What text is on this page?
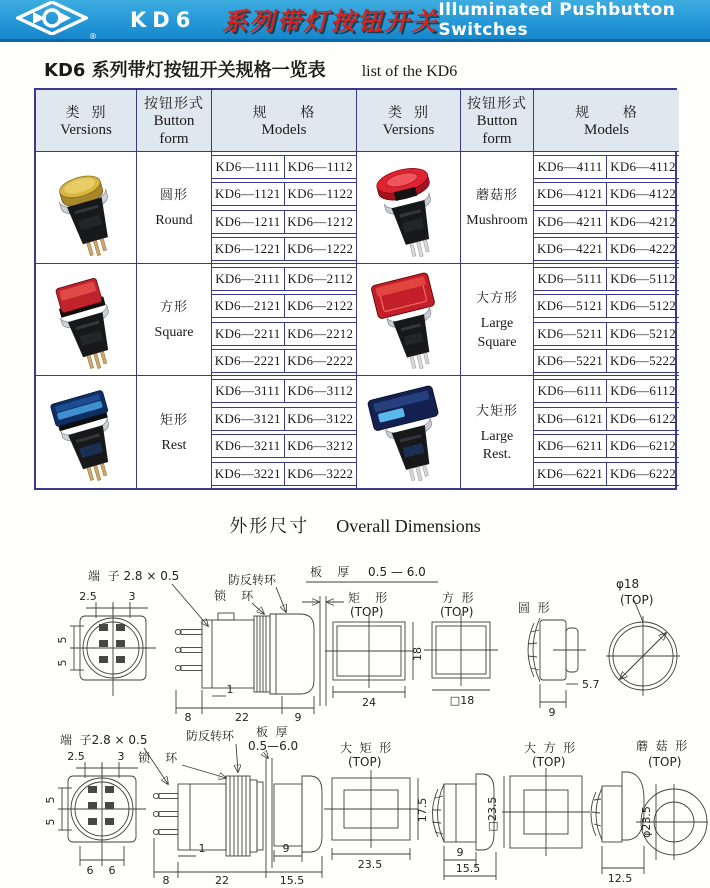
®
KD6 系列带灯按钮开关 Illuminated Pushbutton Switches
KD6 系列带灯按钮开关规格一览表 list of the KD6
类  别
Versions
按钮形式
Button
form
规      格
Models
类  别
Versions
按钮形式
Button
form
规      格
Models
圆形
Round

KD6—1111 KD6—1112
KD6—1121 KD6—1122
KD6—1211 KD6—1212
KD6—1221 KD6—1222
蘑菇形
Mushroom

KD6—4111 KD6—4112
KD6—4121 KD6—4122
KD6—4211 KD6—4212
KD6—4221 KD6—4222
方形
Square

KD6—2111 KD6—2112
KD6—2121 KD6—2122
KD6—2211 KD6—2212
KD6—2221 KD6—2222
大方形
Large
Square
KD6—5111 KD6—5112
KD6—5121 KD6—5122
KD6—5211 KD6—5212
KD6—5221 KD6—5222
矩形
Rest

KD6—3111 KD6—3112
KD6—3121 KD6—3122
KD6—3211 KD6—3212
KD6—3221 KD6—3222
大矩形
Large
Rest.
KD6—6111 KD6—6112
KD6—6121 KD6—6122
KD6—6211 KD6—6212
KD6—6221 KD6—6222
外形尺寸 Overall Dimensions
端  子 2.8 × 0.5
2.5	3
5
5
防反转环
锁    环
8	22	9
1
板    厚 0.5 — 6.0
矩    形
(TOP)
18
24
方  形
(TOP)
□18
圆  形
5.7
9
φ18
(TOP)
端  子2.8 × 0.5
2.5	3
5
5
6 6
防反转环
锁    环
板  厚
0.5—6.0
1	9
8	22	15.5
大  矩  形
(TOP)
17.5
23.5
9
15.5
大  方  形
(TOP)
□23.5
12.5
蘑  菇  形
(TOP)
φ23.5
